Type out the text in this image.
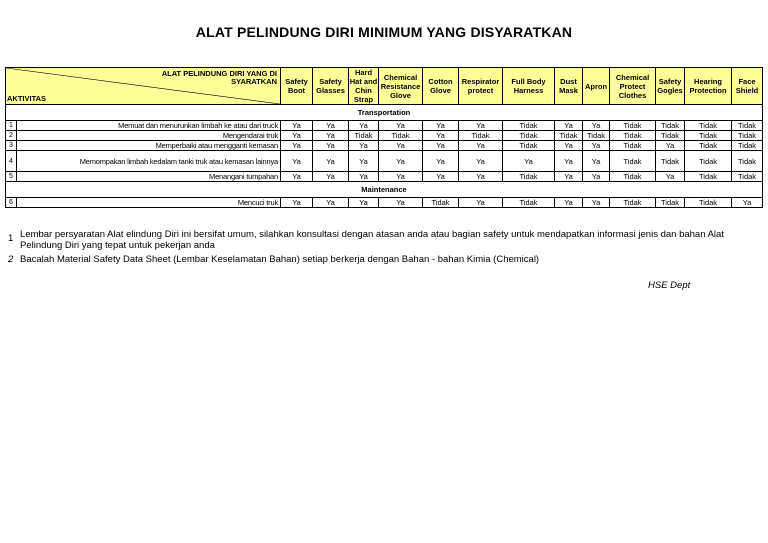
ALAT PELINDUNG DIRI MINIMUM YANG DISYARATKAN
ALAT PELINDUNG DIRI YANG DI SYARATKAN
AKTIVITAS		Safety Boot	Safety Glasses	Hard Hat and Chin Strap	Chemical Resistance Glove	Cotton Glove	Respirator protect	Full Body Harness	Dust Mask	Apron	Chemical Protect Clothes	Safety Gogles	Hearing Protection	Face Shield
Transportation														
1	Memuat dan menurunkan limbah ke atau dari truck	Ya	Ya	Ya	Ya	Ya	Ya	Tidak	Ya	Ya	Tidak	Tidak	Tidak	Tidak
2	Mengendarai truk	Ya	Ya	Tidak	Tidak	Ya	Tidak	Tidak	Tidak	Tidak	Tidak	Tidak	Tidak	Tidak
3	Memperbaiki atau mengganti kemasan	Ya	Ya	Ya	Ya	Ya	Ya	Tidak	Ya	Ya	Tidak	Ya	Tidak	Tidak
4	Memompakan limbah kedalam tanki truk atau kemasan lainnya	Ya	Ya	Ya	Ya	Ya	Ya	Ya	Ya	Ya	Tidak	Tidak	Tidak	Tidak
5	Menangani tumpahan	Ya	Ya	Ya	Ya	Ya	Ya	Tidak	Ya	Ya	Tidak	Ya	Tidak	Tidak
Maintenance														
6	Mencuci truk	Ya	Ya	Ya	Ya	Tidak	Ya	Tidak	Ya	Ya	Tidak	Tidak	Tidak	Ya
1 Lembar persyaratan Alat elindung Diri ini bersifat umum, silahkan konsultasi dengan atasan anda atau bagian safety untuk mendapatkan informasi jenis dan bahan Alat Pelindung Diri yang tepat untuk pekerjan anda
2 Bacalah Material Safety Data Sheet (Lembar Keselamatan Bahan) setiap berkerja dengan Bahan - bahan Kimia (Chemical)
HSE Dept
